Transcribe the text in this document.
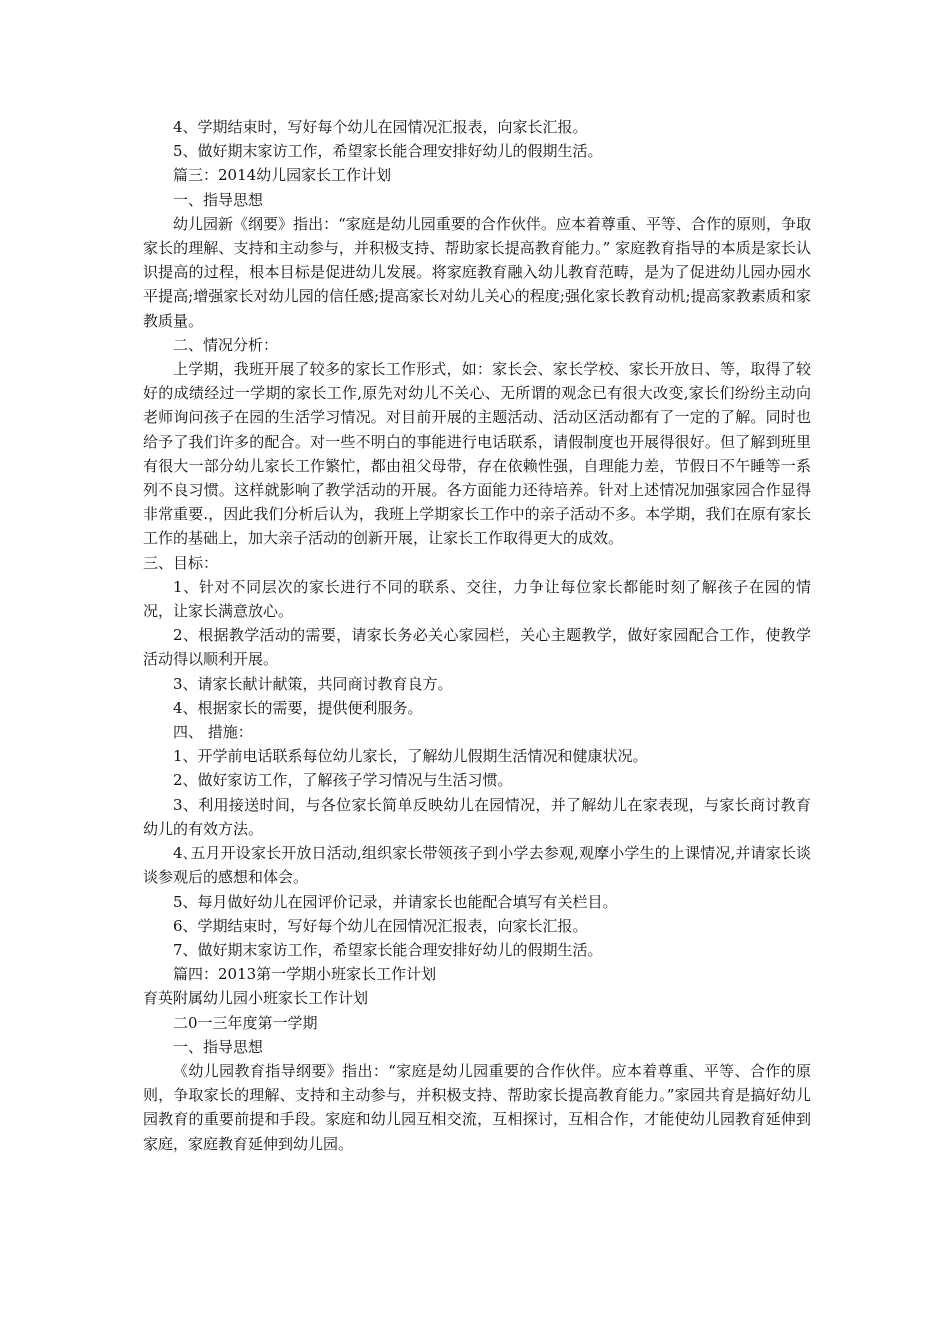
4、学期结束时，写好每个幼儿在园情况汇报表，向家长汇报。

5、做好期末家访工作，希望家长能合理安排好幼儿的假期生活。

篇三：2014幼儿园家长工作计划

一、指导思想

幼儿园新《纲要》指出：“家庭是幼儿园重要的合作伙伴。应本着尊重、平等、合作的原则，争取家长的理解、支持和主动参与，并积极支持、帮助家长提高教育能力。” 家庭教育指导的本质是家长认识提高的过程，根本目标是促进幼儿发展。将家庭教育融入幼儿教育范畴，是为了促进幼儿园办园水平提高;增强家长对幼儿园的信任感;提高家长对幼儿关心的程度;强化家长教育动机;提高家教素质和家教质量。

二、情况分析：

上学期，我班开展了较多的家长工作形式，如：家长会、家长学校、家长开放日、等，取得了较好的成绩经过一学期的家长工作,原先对幼儿不关心、无所谓的观念已有很大改变,家长们纷纷主动向老师询问孩子在园的生活学习情况。对目前开展的主题活动、活动区活动都有了一定的了解。同时也给予了我们许多的配合。对一些不明白的事能进行电话联系，请假制度也开展得很好。但了解到班里有很大一部分幼儿家长工作繁忙，都由祖父母带，存在依赖性强，自理能力差，节假日不午睡等一系列不良习惯。这样就影响了教学活动的开展。各方面能力还待培养。针对上述情况加强家园合作显得非常重要.，因此我们分析后认为，我班上学期家长工作中的亲子活动不多。本学期，我们在原有家长工作的基础上，加大亲子活动的创新开展，让家长工作取得更大的成效。

三、目标：

1、针对不同层次的家长进行不同的联系、交往，力争让每位家长都能时刻了解孩子在园的情况，让家长满意放心。

2、根据教学活动的需要，请家长务必关心家园栏，关心主题教学，做好家园配合工作，使教学活动得以顺利开展。

3、请家长献计献策，共同商讨教育良方。

4、根据家长的需要，提供便利服务。

四、 措施：

1、开学前电话联系每位幼儿家长，了解幼儿假期生活情况和健康状况。

2、做好家访工作，了解孩子学习情况与生活习惯。

3、利用接送时间，与各位家长简单反映幼儿在园情况，并了解幼儿在家表现，与家长商讨教育幼儿的有效方法。

4､五月开设家长开放日活动,组织家长带领孩子到小学去参观,观摩小学生的上课情况,并请家长谈谈参观后的感想和体会。

5、每月做好幼儿在园评价记录，并请家长也能配合填写有关栏目。

6、学期结束时，写好每个幼儿在园情况汇报表，向家长汇报。

7、做好期末家访工作，希望家长能合理安排好幼儿的假期生活。

篇四：2013第一学期小班家长工作计划

育英附属幼儿园小班家长工作计划

二0一三年度第一学期

一、指导思想

《幼儿园教育指导纲要》指出：“家庭是幼儿园重要的合作伙伴。应本着尊重、平等、合作的原则，争取家长的理解、支持和主动参与，并积极支持、帮助家长提高教育能力。”家园共育是搞好幼儿园教育的重要前提和手段。家庭和幼儿园互相交流，互相探讨，互相合作，才能使幼儿园教育延伸到家庭，家庭教育延伸到幼儿园。
